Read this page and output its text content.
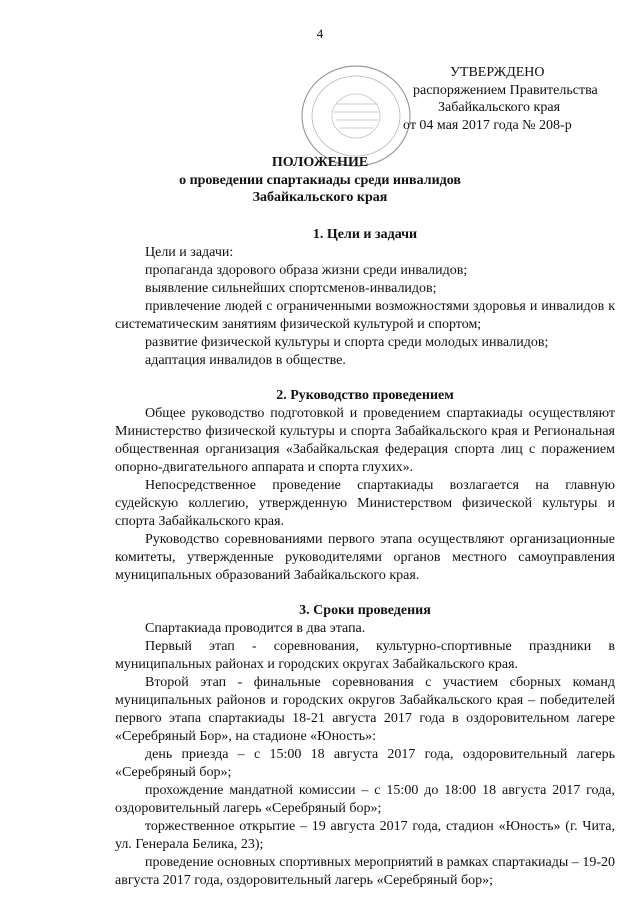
4
УТВЕРЖДЕНО
распоряжением Правительства
Забайкальского края
от 04 мая 2017 года № 208-р
ПОЛОЖЕНИЕ
о проведении спартакиады среди инвалидов
Забайкальского края

1. Цели и задачи

Цели и задачи:

пропаганда здорового образа жизни среди инвалидов;

выявление сильнейших спортсменов-инвалидов;

привлечение людей с ограниченными возможностями здоровья и инвалидов к систематическим занятиям физической культурой и спортом;

развитие физической культуры и спорта среди молодых инвалидов;

адаптация инвалидов в обществе.

2. Руководство проведением

Общее руководство подготовкой и проведением спартакиады осуществляют Министерство физической культуры и спорта Забайкальского края и Региональная общественная организация «Забайкальская федерация спорта лиц с поражением опорно-двигательного аппарата и спорта глухих».

Непосредственное проведение спартакиады возлагается на главную судейскую коллегию, утвержденную Министерством физической культуры и спорта Забайкальского края.

Руководство соревнованиями первого этапа осуществляют организационные комитеты, утвержденные руководителями органов местного самоуправления муниципальных образований Забайкальского края.

3. Сроки проведения

Спартакиада проводится в два этапа.

Первый этап - соревнования, культурно-спортивные праздники в муниципальных районах и городских округах Забайкальского края.

Второй этап - финальные соревнования с участием сборных команд муниципальных районов и городских округов Забайкальского края – победителей первого этапа спартакиады 18-21 августа 2017 года в оздоровительном лагере «Серебряный Бор», на стадионе «Юность»:

день приезда – с 15:00 18 августа 2017 года, оздоровительный лагерь «Серебряный бор»;

прохождение мандатной комиссии – с 15:00 до 18:00 18 августа 2017 года, оздоровительный лагерь «Серебряный бор»;

торжественное открытие – 19 августа 2017 года, стадион «Юность» (г. Чита, ул. Генерала Белика, 23);

проведение основных спортивных мероприятий в рамках спартакиады – 19-20 августа 2017 года, оздоровительный лагерь «Серебряный бор»;
